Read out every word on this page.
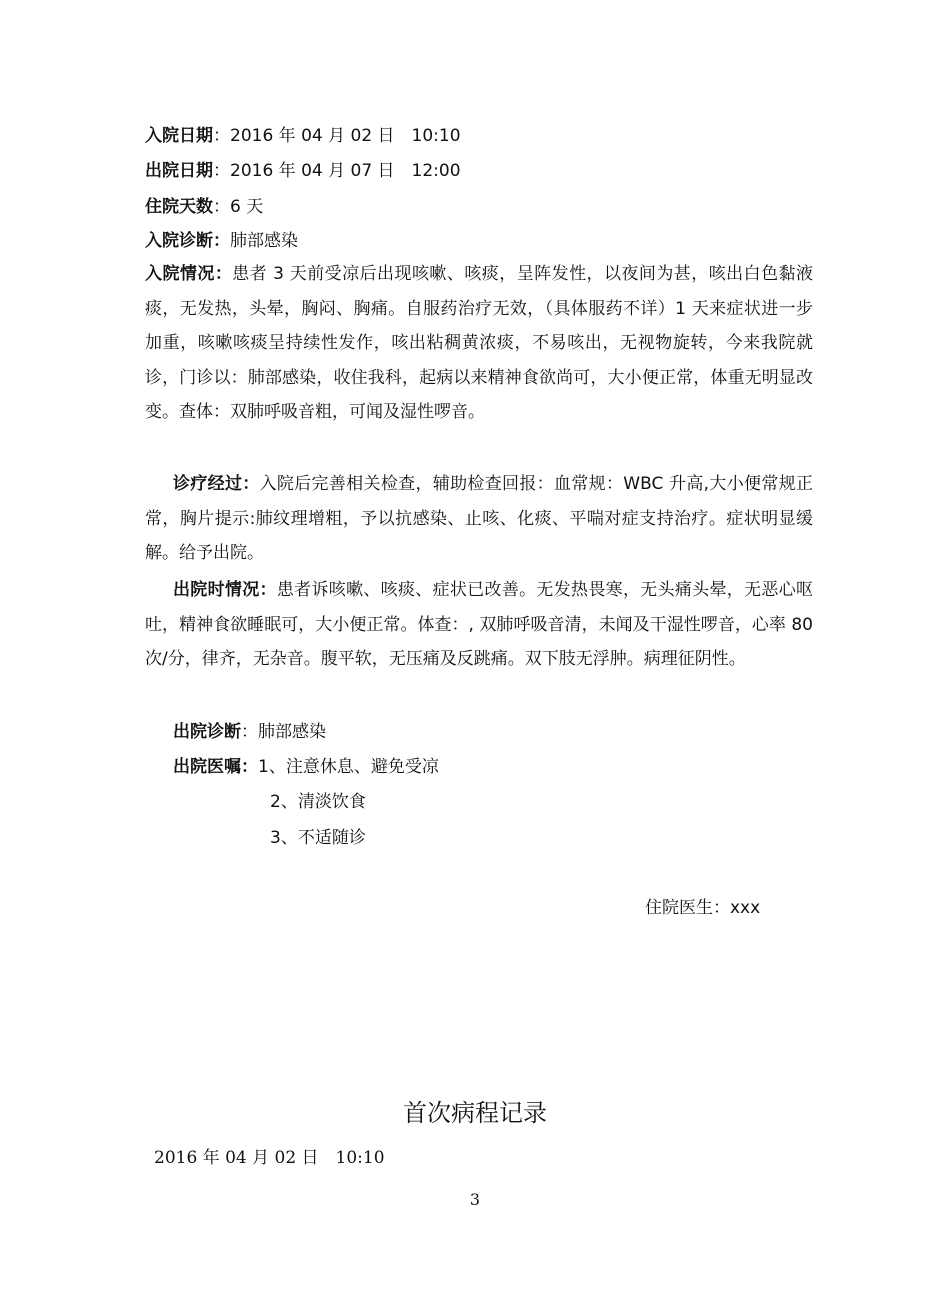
入院日期：2016 年 04 月 02 日　10:10
出院日期：2016 年 04 月 07 日　12:00
住院天数：6 天
入院诊断：肺部感染
入院情况：患者 3 天前受凉后出现咳嗽、咳痰，呈阵发性，以夜间为甚，咳出白色黏液痰，无发热，头晕，胸闷、胸痛。自服药治疗无效，（具体服药不详）1 天来症状进一步加重，咳嗽咳痰呈持续性发作，咳出粘稠黄浓痰，不易咳出，无视物旋转，今来我院就诊，门诊以：肺部感染，收住我科，起病以来精神食欲尚可，大小便正常，体重无明显改变。查体：双肺呼吸音粗，可闻及湿性啰音。
诊疗经过：入院后完善相关检查，辅助检查回报：血常规：WBC 升高,大小便常规正常，胸片提示:肺纹理增粗，予以抗感染、止咳、化痰、平喘对症支持治疗。症状明显缓解。给予出院。
出院时情况：患者诉咳嗽、咳痰、症状已改善。无发热畏寒，无头痛头晕，无恶心呕吐，精神食欲睡眠可，大小便正常。体查：, 双肺呼吸音清，未闻及干湿性啰音，心率 80 次/分，律齐，无杂音。腹平软，无压痛及反跳痛。双下肢无浮肿。病理征阴性。
出院诊断：肺部感染
出院医嘱：1、注意休息、避免受凉
2、清淡饮食
3、不适随诊
住院医生：xxx
首次病程记录
2016 年 04 月 02 日　10:10
3
